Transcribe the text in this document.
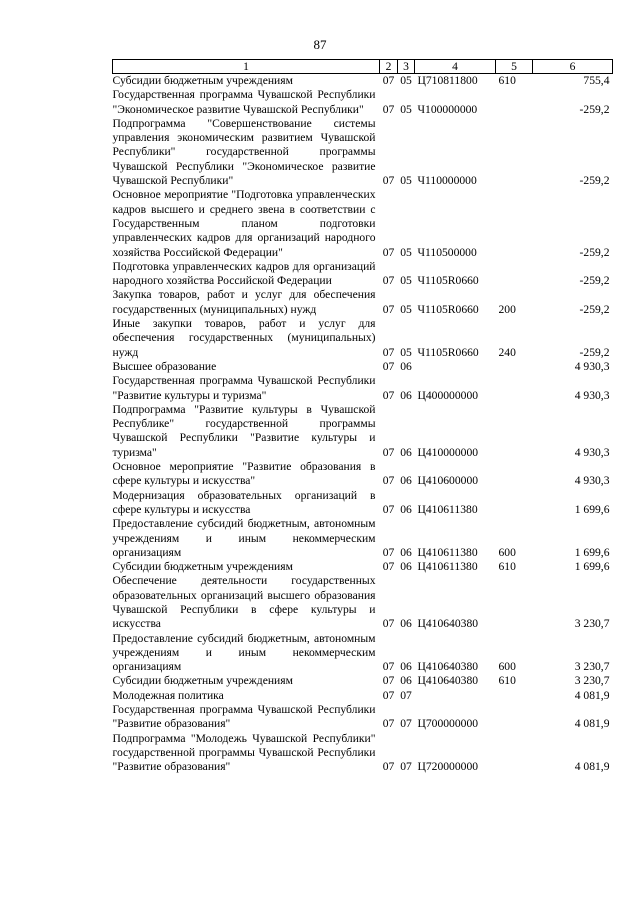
87
1	2	3	4	5	6
Субсидии бюджетным учреждениям	07	05	Ц710811800	610	755,4
Государственная программа Чувашской Республики "Экономическое развитие Чувашской Республики"	07	05	Ч100000000		-259,2
Подпрограмма "Совершенствование системы управления экономическим развитием Чувашской Республики" государственной программы Чувашской Республики "Экономическое развитие Чувашской Республики"	07	05	Ч110000000		-259,2
Основное мероприятие "Подготовка управленческих кадров высшего и среднего звена в соответствии с Государственным планом подготовки управленческих кадров для организаций народного хозяйства Российской Федерации"	07	05	Ч110500000		-259,2
Подготовка управленческих кадров для организаций народного хозяйства Российской Федерации	07	05	Ч1105R0660		-259,2
Закупка товаров, работ и услуг для обеспечения государственных (муниципальных) нужд	07	05	Ч1105R0660	200	-259,2
Иные закупки товаров, работ и услуг для обеспечения государственных (муниципальных) нужд	07	05	Ч1105R0660	240	-259,2
Высшее образование	07	06			4 930,3
Государственная программа Чувашской Республики "Развитие культуры и туризма"	07	06	Ц400000000		4 930,3
Подпрограмма "Развитие культуры в Чувашской Республике" государственной программы Чувашской Республики "Развитие культуры и туризма"	07	06	Ц410000000		4 930,3
Основное мероприятие "Развитие образования в сфере культуры и искусства"	07	06	Ц410600000		4 930,3
Модернизация образовательных организаций в сфере культуры и искусства	07	06	Ц410611380		1 699,6
Предоставление субсидий бюджетным, автономным учреждениям и иным некоммерческим организациям	07	06	Ц410611380	600	1 699,6
Субсидии бюджетным учреждениям	07	06	Ц410611380	610	1 699,6
Обеспечение деятельности государственных образовательных организаций высшего образования Чувашской Республики в сфере культуры и искусства	07	06	Ц410640380		3 230,7
Предоставление субсидий бюджетным, автономным учреждениям и иным некоммерческим организациям	07	06	Ц410640380	600	3 230,7
Субсидии бюджетным учреждениям	07	06	Ц410640380	610	3 230,7
Молодежная политика	07	07			4 081,9
Государственная программа Чувашской Республики "Развитие образования"	07	07	Ц700000000		4 081,9
Подпрограмма "Молодежь Чувашской Республики" государственной программы Чувашской Республики "Развитие образования"	07	07	Ц720000000		4 081,9
